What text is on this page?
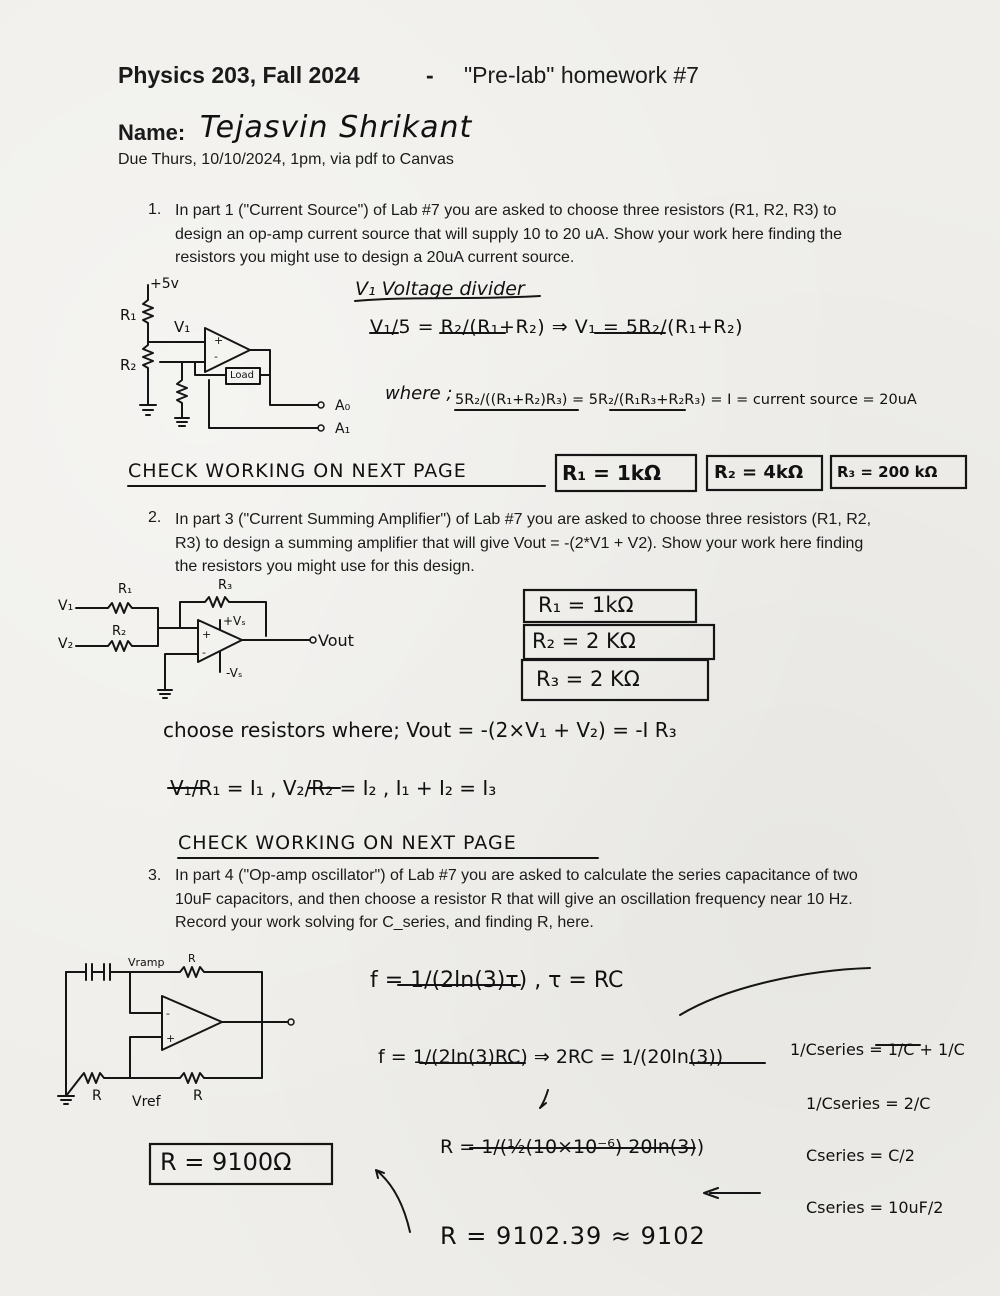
Physics 203, Fall 2024	- "Pre-lab" homework #7
Name: Tejasvin Shrikant
Due Thurs, 10/10/2024, 1pm, via pdf to Canvas
1. In part 1 ("Current Source") of Lab #7 you are asked to choose three resistors (R1, R2, R3) to design an op-amp current source that will supply 10 to 20 uA. Show your work here finding the resistors you might use to design a 20uA current source.
2. In part 3 ("Current Summing Amplifier") of Lab #7 you are asked to choose three resistors (R1, R2, R3) to design a summing amplifier that will give Vout = -(2*V1 + V2). Show your work here finding the resistors you might use for this design.
3. In part 4 ("Op-amp oscillator") of Lab #7 you are asked to calculate the series capacitance of two 10uF capacitors, and then choose a resistor R that will give an oscillation frequency near 10 Hz. Record your work solving for C_series, and finding R, here.
+
-
+
-
-
+
+5v
R₁
R₂
V₁
Load
A₀
A₁
V₁ Voltage divider
V₁/5 = R₂/(R₁+R₂) ⇒ V₁ = 5R₂/(R₁+R₂)
where ; 5R₂/((R₁+R₂)R₃) = 5R₂/(R₁R₃+R₂R₃) = I = current source = 20uA
CHECK WORKING ON NEXT PAGE	R₁ = 1kΩ	R₂ = 4kΩ R₃ = 200 kΩ
V₁
V₂
R₁
R₂
R₃
+Vₛ
-Vₛ
Vout
R₁ = 1kΩ
R₂ = 2 KΩ
R₃ = 2 KΩ
choose resistors where; Vout = -(2×V₁ + V₂) = -I R₃
V₁/R₁ = I₁ , V₂/R₂ = I₂ , I₁ + I₂ = I₃
CHECK WORKING ON NEXT PAGE
Vramp R
R Vref R
f = 1/(2ln(3)τ) , τ = RC
f = 1/(2ln(3)RC) ⇒ 2RC = 1/(20ln(3))	1/Cseries = 1/C + 1/C
1/Cseries = 2/C
Cseries = C/2
Cseries = 10uF/2
R = 1/(½(10×10⁻⁶) 20ln(3))
R = 9102.39 ≈ 9102
R = 9100Ω
